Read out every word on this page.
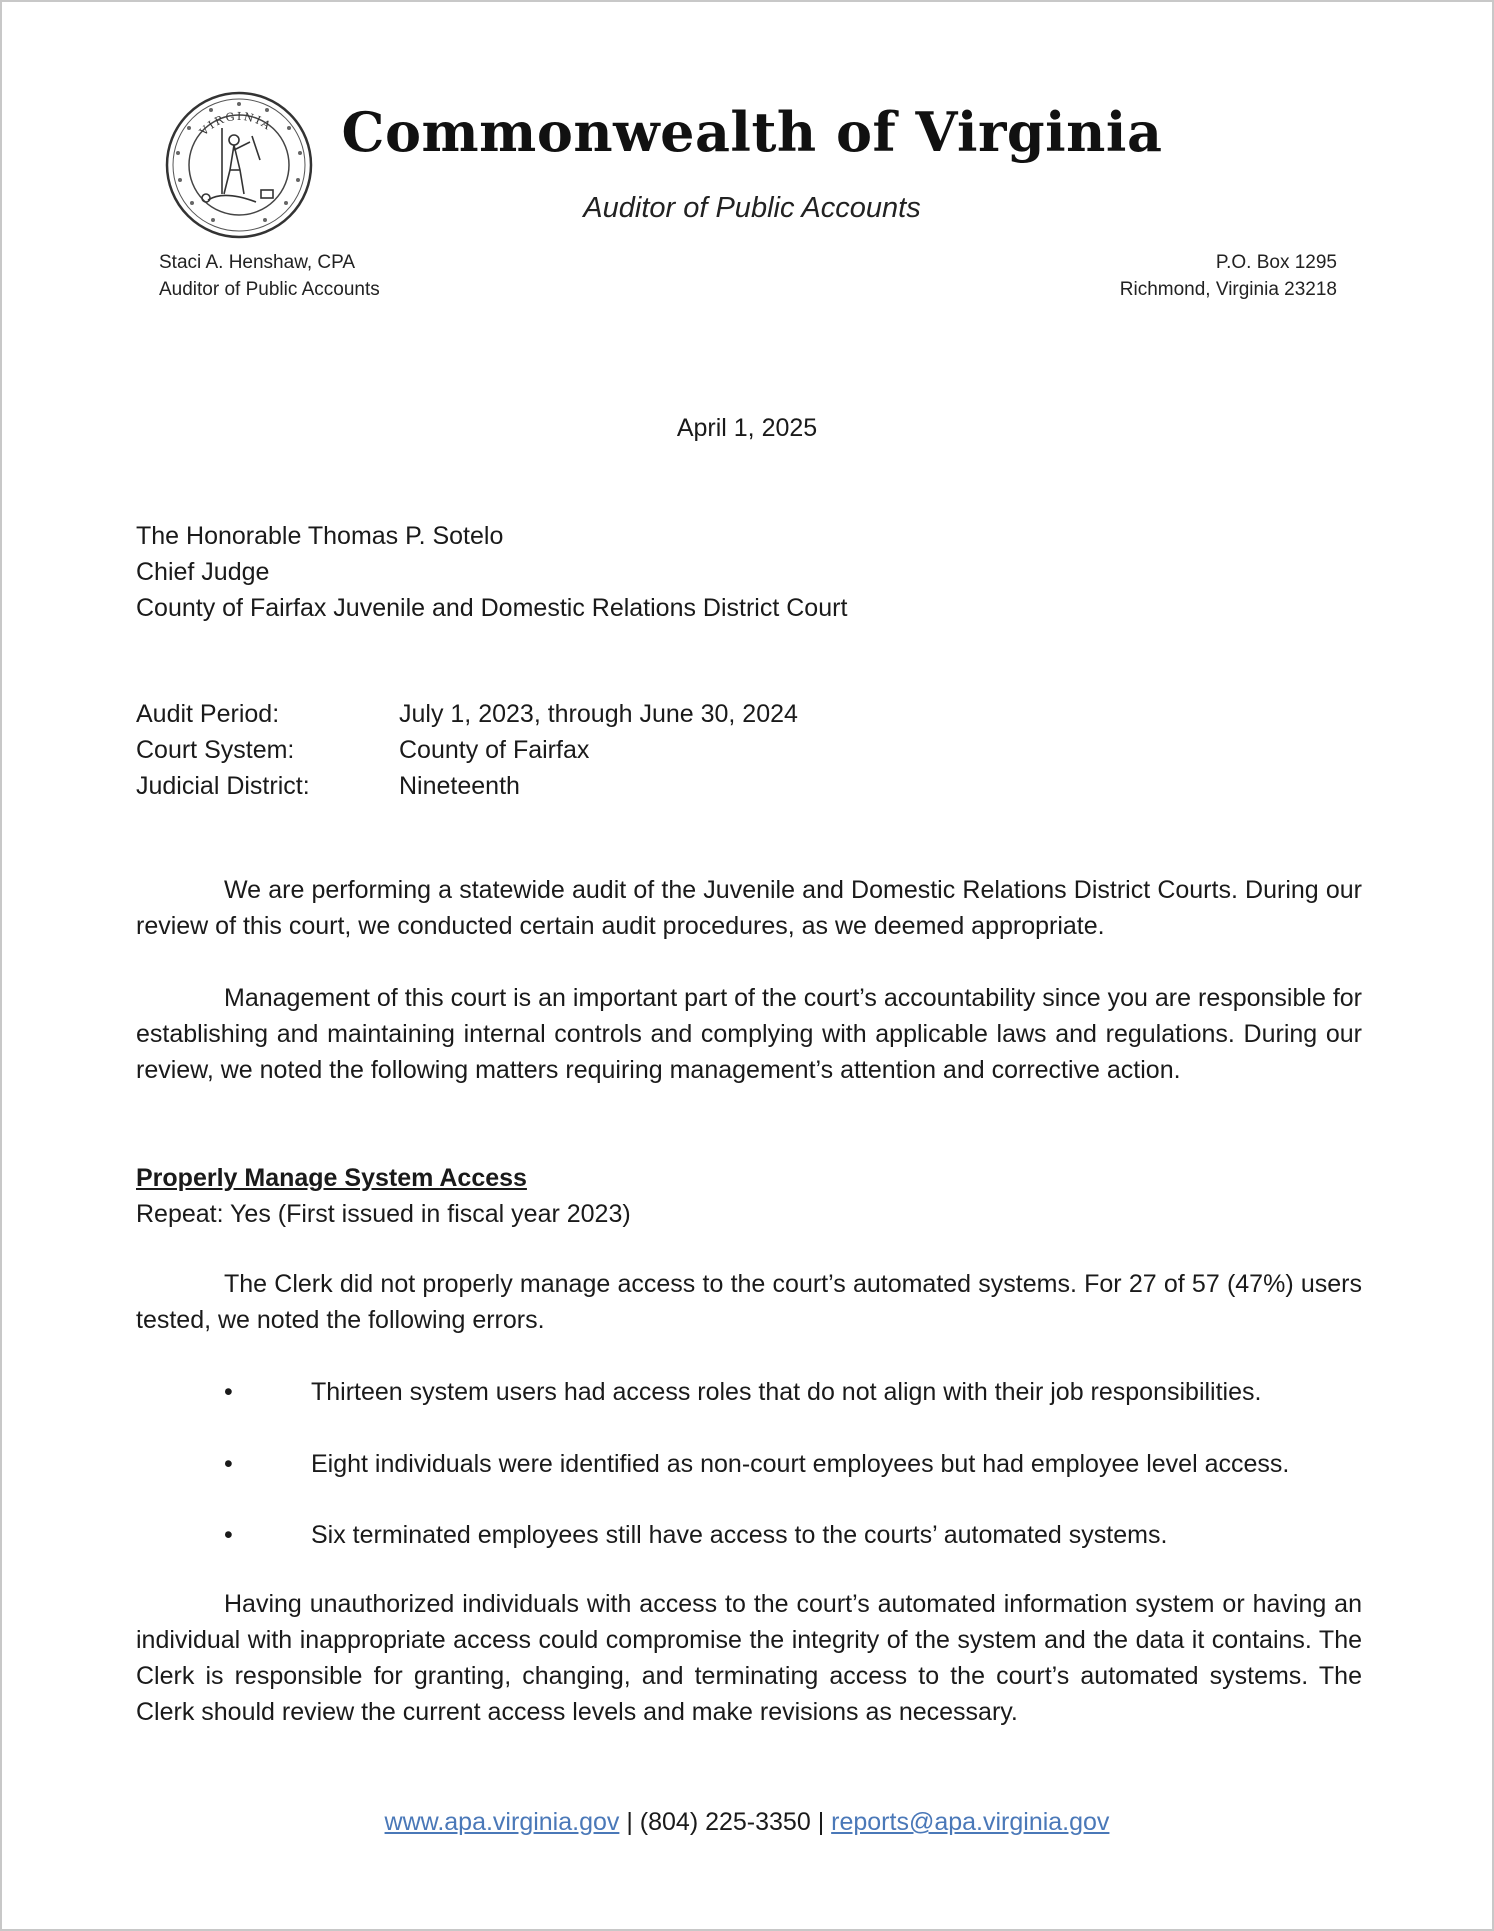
VIRGINIA	Commonwealth of Virginia
Auditor of Public Accounts
Staci A. Henshaw, CPA
Auditor of Public Accounts
P.O. Box 1295
Richmond, Virginia 23218
April 1, 2025
The Honorable Thomas P. Sotelo
Chief Judge
County of Fairfax Juvenile and Domestic Relations District Court
Audit Period:	July 1, 2023, through June 30, 2024
Court System:	County of Fairfax
Judicial District:	Nineteenth
We are performing a statewide audit of the Juvenile and Domestic Relations District Courts. During our review of this court, we conducted certain audit procedures, as we deemed appropriate.
Management of this court is an important part of the court’s accountability since you are responsible for establishing and maintaining internal controls and complying with applicable laws and regulations. During our review, we noted the following matters requiring management’s attention and corrective action.
Properly Manage System Access
Repeat: Yes (First issued in fiscal year 2023)
The Clerk did not properly manage access to the court’s automated systems. For 27 of 57 (47%) users tested, we noted the following errors.
•	Thirteen system users had access roles that do not align with their job responsibilities.
•	Eight individuals were identified as non-court employees but had employee level access.
•	Six terminated employees still have access to the courts’ automated systems.
Having unauthorized individuals with access to the court’s automated information system or having an individual with inappropriate access could compromise the integrity of the system and the data it contains. The Clerk is responsible for granting, changing, and terminating access to the court’s automated systems. The Clerk should review the current access levels and make revisions as necessary.
www.apa.virginia.gov | (804) 225-3350 | reports@apa.virginia.gov
